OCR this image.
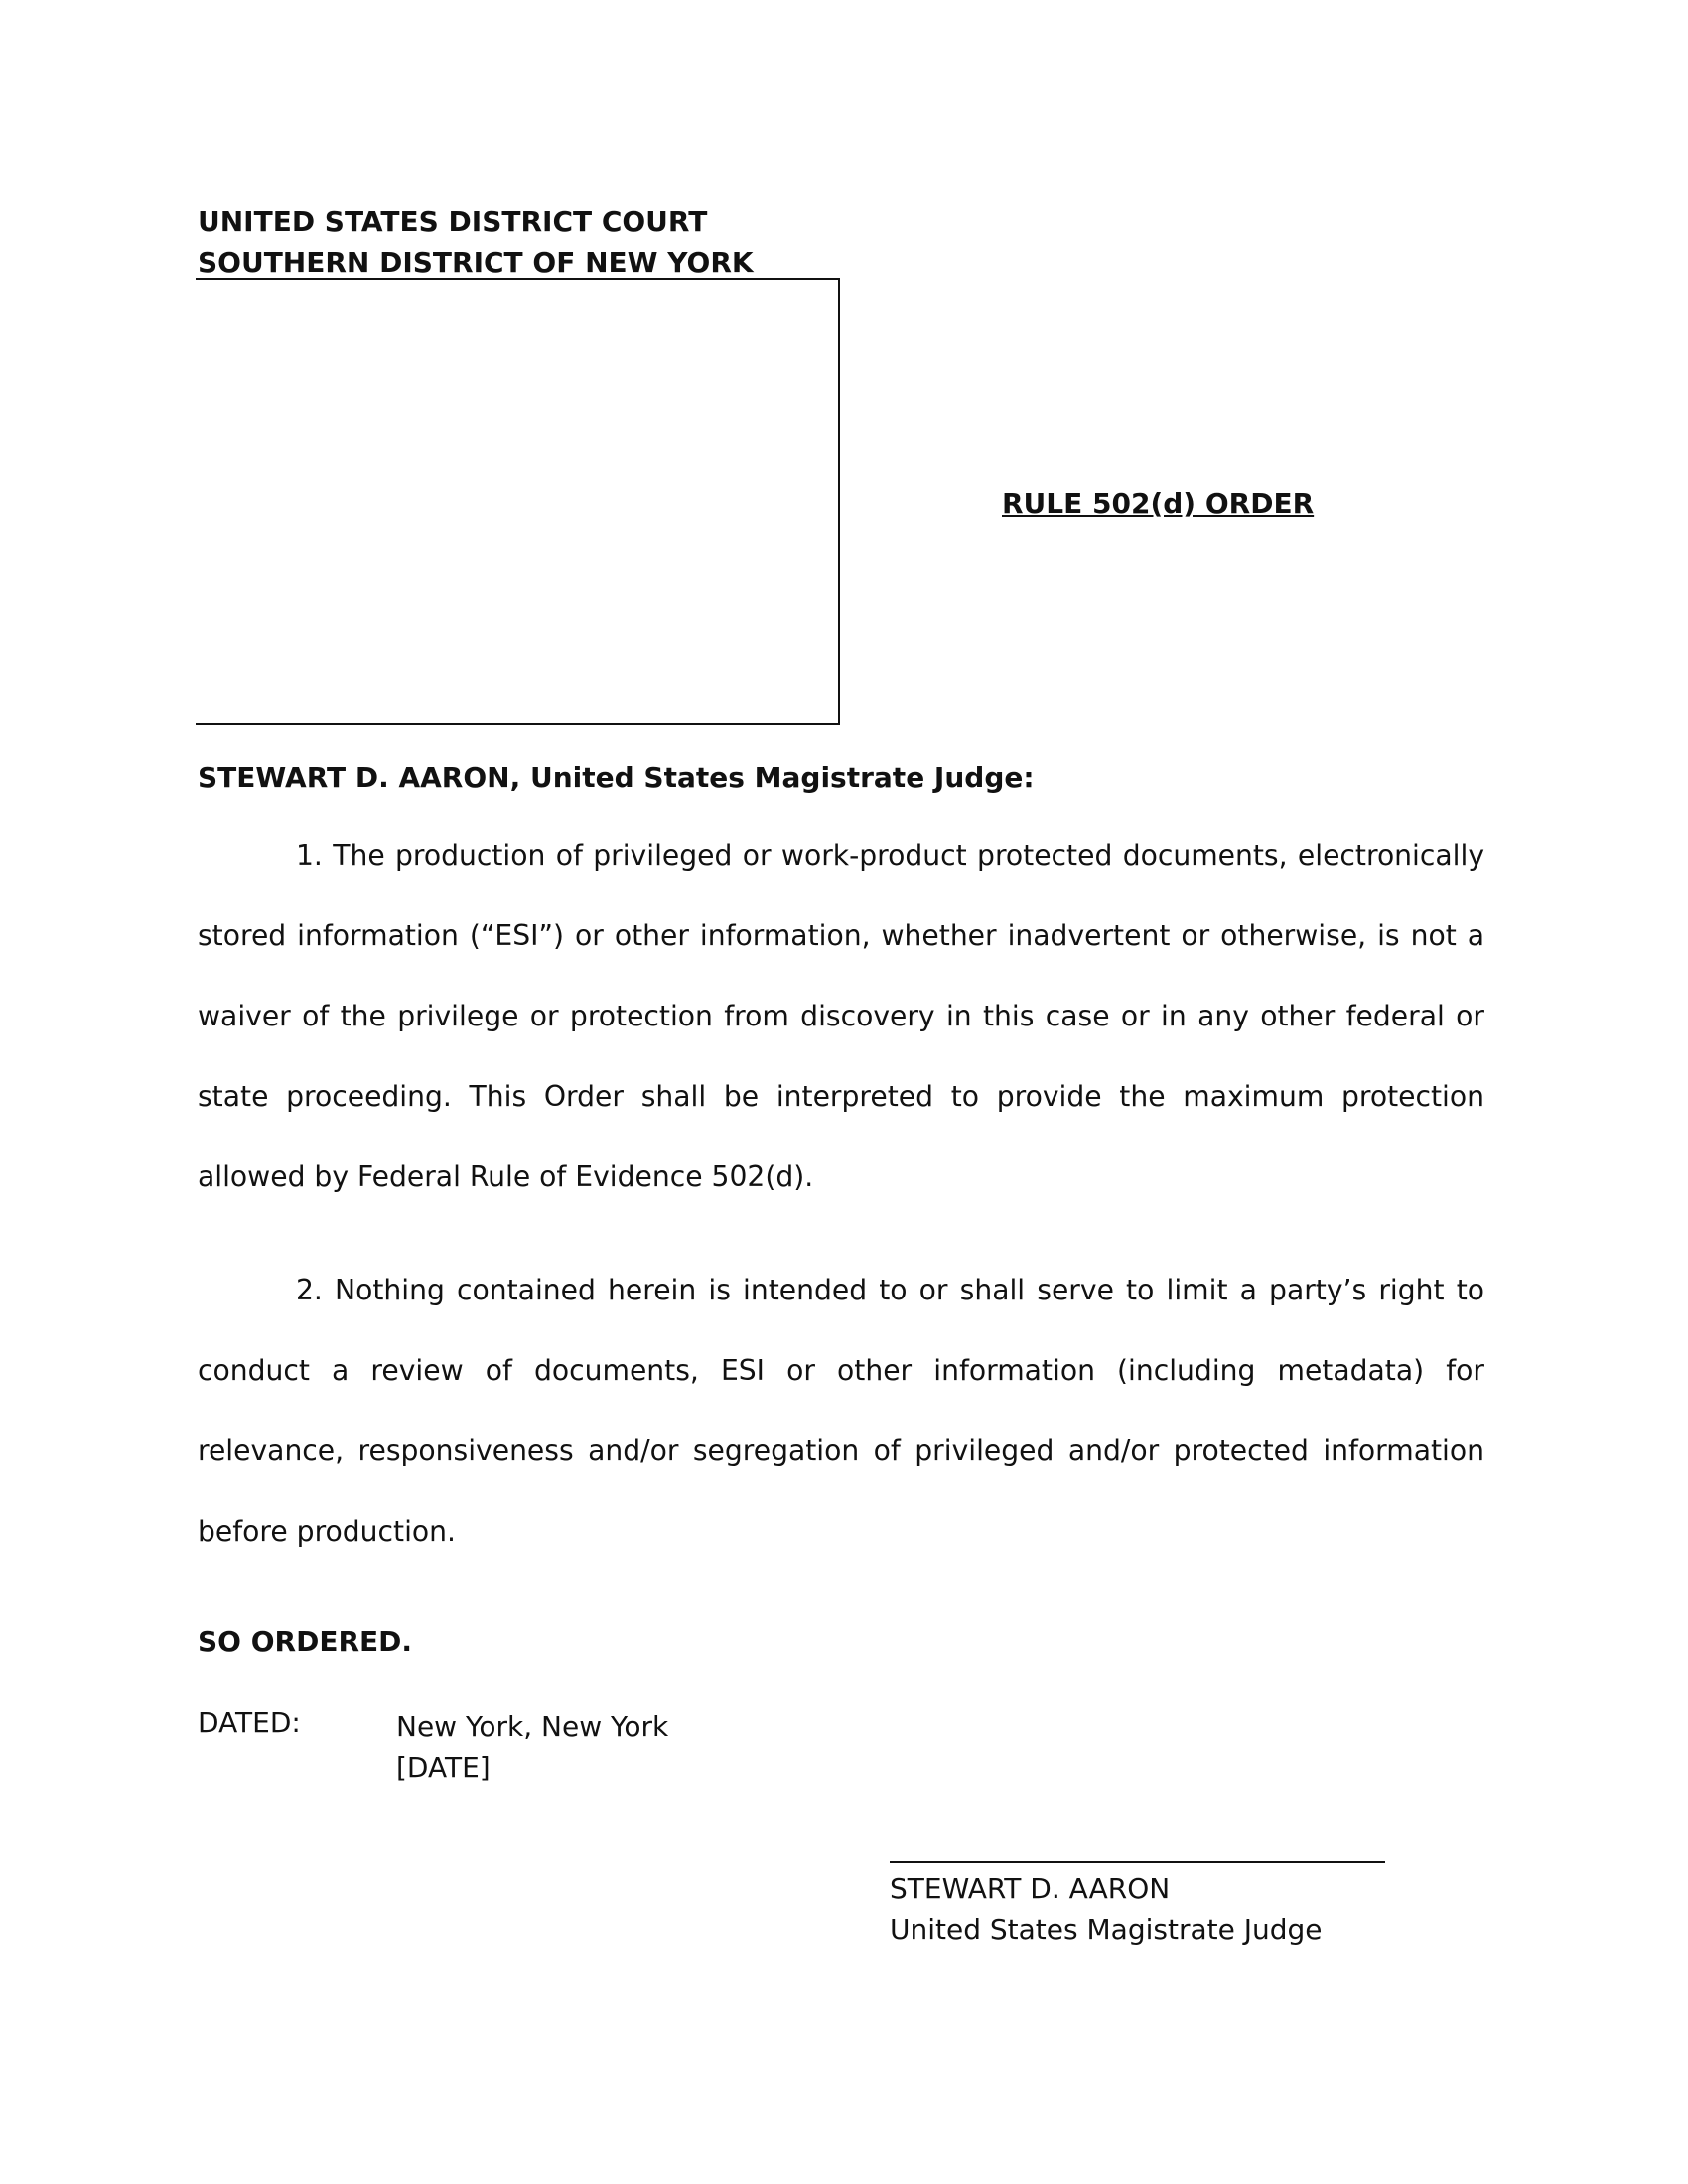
UNITED STATES DISTRICT COURT
SOUTHERN DISTRICT OF NEW YORK
RULE 502(d) ORDER
STEWART D. AARON, United States Magistrate Judge:

1. The production of privileged or work-product protected documents, electronically stored information (“ESI”) or other information, whether inadvertent or otherwise, is not a waiver of the privilege or protection from discovery in this case or in any other federal or state proceeding. This Order shall be interpreted to provide the maximum protection allowed by Federal Rule of Evidence 502(d).

2. Nothing contained herein is intended to or shall serve to limit a party’s right to conduct a review of documents, ESI or other information (including metadata) for relevance, responsiveness and/or segregation of privileged and/or protected information before production.

SO ORDERED.
DATED:	New York, New York
[DATE]
STEWART D. AARON
United States Magistrate Judge
